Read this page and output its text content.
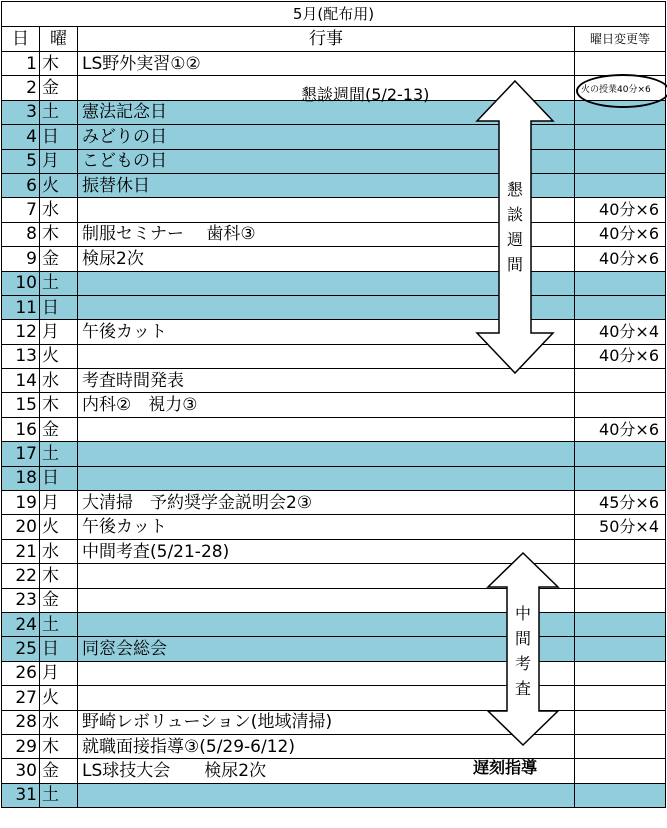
5月(配布用)			
日	曜	行事	曜日変更等
1	木	LS野外実習①②	
2	金		
3	土	憲法記念日	
4	日	みどりの日	
5	月	こどもの日	
6	火	振替休日	
7	水		40分×6
8	木	制服セミナー　 歯科③	40分×6
9	金	検尿2次	40分×6
10	土		
11	日		
12	月	午後カット	40分×4
13	火		40分×6
14	水	考査時間発表	
15	木	内科②　視力③	
16	金		40分×6
17	土		
18	日		
19	月	大清掃　予約奨学金説明会2③	45分×6
20	火	午後カット	50分×4
21	水	中間考査(5/21-28)	
22	木		
23	金		
24	土		
25	日	同窓会総会	
26	月		
27	火		
28	水	野崎レボリューション(地域清掃)	
29	木	就職面接指導③(5/29-6/12)	
30	金	LS球技大会　　検尿2次	
31	土		
懇談週間(5/2-13)
懇
談
週
間
中
間
考
査
遅刻指導
火の授業40分×6
